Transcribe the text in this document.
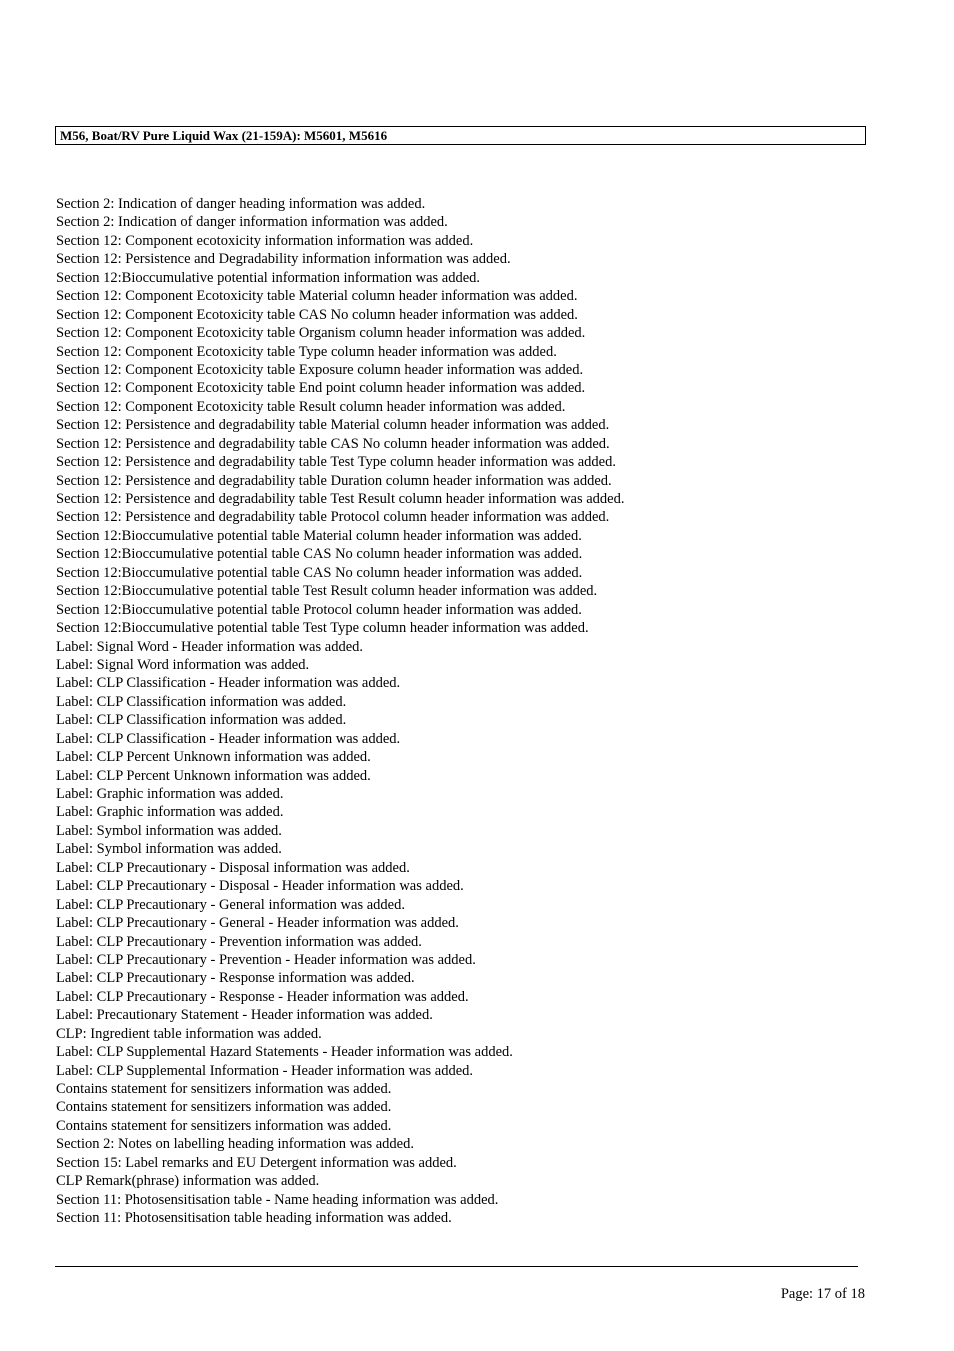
M56, Boat/RV Pure Liquid Wax (21-159A): M5601, M5616
Section 2: Indication of danger heading information was added.
Section 2: Indication of danger information information was added.
Section 12: Component ecotoxicity information information was added.
Section 12: Persistence and Degradability information information was added.
Section 12:Bioccumulative potential information information was added.
Section 12: Component Ecotoxicity table Material column header information was added.
Section 12: Component Ecotoxicity table CAS No column header information was added.
Section 12: Component Ecotoxicity table Organism column header information was added.
Section 12: Component Ecotoxicity table Type column header information was added.
Section 12: Component Ecotoxicity table Exposure column header information was added.
Section 12: Component Ecotoxicity table End point column header information was added.
Section 12: Component Ecotoxicity table Result column header information was added.
Section 12: Persistence and degradability table Material column header information was added.
Section 12: Persistence and degradability table CAS No column header information was added.
Section 12: Persistence and degradability table Test Type column header information was added.
Section 12: Persistence and degradability table Duration column header information was added.
Section 12: Persistence and degradability table Test Result column header information was added.
Section 12: Persistence and degradability table Protocol column header information was added.
Section 12:Bioccumulative potential table Material column header information was added.
Section 12:Bioccumulative potential table CAS No column header information was added.
Section 12:Bioccumulative potential table CAS No column header information was added.
Section 12:Bioccumulative potential table Test Result column header information was added.
Section 12:Bioccumulative potential table Protocol column header information was added.
Section 12:Bioccumulative potential table Test Type column header information was added.
Label: Signal Word - Header information was added.
Label: Signal Word information was added.
Label: CLP Classification - Header information was added.
Label: CLP Classification information was added.
Label: CLP Classification information was added.
Label: CLP Classification - Header information was added.
Label: CLP Percent Unknown information was added.
Label: CLP Percent Unknown information was added.
Label: Graphic information was added.
Label: Graphic information was added.
Label: Symbol information was added.
Label: Symbol information was added.
Label: CLP Precautionary - Disposal information was added.
Label: CLP Precautionary - Disposal - Header information was added.
Label: CLP Precautionary - General information was added.
Label: CLP Precautionary - General - Header information was added.
Label: CLP Precautionary - Prevention information was added.
Label: CLP Precautionary - Prevention - Header information was added.
Label: CLP Precautionary - Response information was added.
Label: CLP Precautionary - Response - Header information was added.
Label: Precautionary Statement - Header information was added.
CLP: Ingredient table information was added.
Label: CLP Supplemental Hazard Statements - Header information was added.
Label: CLP Supplemental Information - Header information was added.
Contains statement for sensitizers information was added.
Contains statement for sensitizers information was added.
Contains statement for sensitizers information was added.
Section 2: Notes on labelling heading information was added.
Section 15: Label remarks and EU Detergent information was added.
CLP Remark(phrase) information was added.
Section 11: Photosensitisation table - Name heading information was added.
Section 11: Photosensitisation table heading information was added.
Page: 17 of 18
